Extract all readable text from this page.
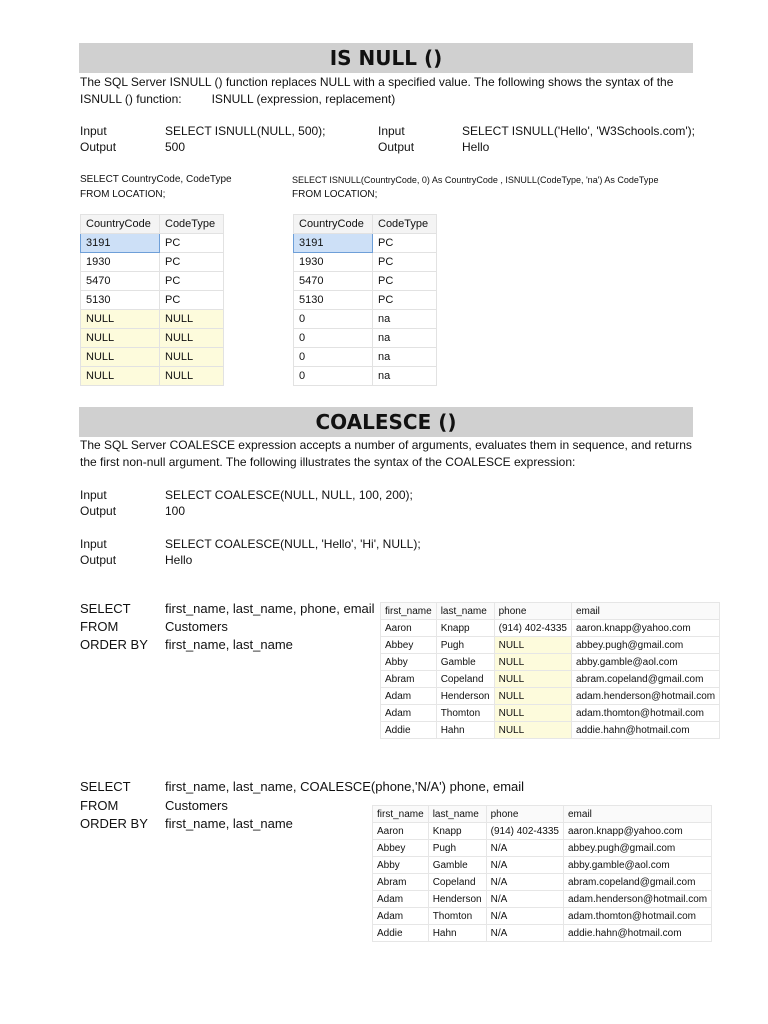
IS NULL ()
The SQL Server ISNULL () function replaces NULL with a specified value. The following shows the syntax of the ISNULL () function:         ISNULL (expression, replacement)
Input	SELECT ISNULL(NULL, 500);
Output	500
Input	SELECT ISNULL('Hello', 'W3Schools.com');
Output	Hello
SELECT CountryCode, CodeType
FROM LOCATION;
SELECT ISNULL(CountryCode, 0) As CountryCode , ISNULL(CodeType, 'na') As CodeType
FROM LOCATION;
CountryCode	CodeType
3191	PC
1930	PC
5470	PC
5130	PC
NULL	NULL
NULL	NULL
NULL	NULL
NULL	NULL
CountryCode	CodeType
3191	PC
1930	PC
5470	PC
5130	PC
0	na
0	na
0	na
0	na
COALESCE ()
The SQL Server COALESCE expression accepts a number of arguments, evaluates them in sequence, and returns the first non-null argument. The following illustrates the syntax of the COALESCE expression:
Input	SELECT COALESCE(NULL, NULL, 100, 200);
Output	100
Input	SELECT COALESCE(NULL, 'Hello', 'Hi', NULL);
Output	Hello
SELECT	first_name, last_name, phone, email
FROM	Customers
ORDER BY first_name, last_name
first_name	last_name	phone	email
Aaron	Knapp	(914) 402-4335	aaron.knapp@yahoo.com
Abbey	Pugh	NULL	abbey.pugh@gmail.com
Abby	Gamble	NULL	abby.gamble@aol.com
Abram	Copeland	NULL	abram.copeland@gmail.com
Adam	Henderson	NULL	adam.henderson@hotmail.com
Adam	Thomton	NULL	adam.thomton@hotmail.com
Addie	Hahn	NULL	addie.hahn@hotmail.com
SELECT	first_name, last_name, COALESCE(phone,'N/A') phone, email
FROM	Customers
ORDER BY first_name, last_name
first_name	last_name	phone	email
Aaron	Knapp	(914) 402-4335	aaron.knapp@yahoo.com
Abbey	Pugh	N/A	abbey.pugh@gmail.com
Abby	Gamble	N/A	abby.gamble@aol.com
Abram	Copeland	N/A	abram.copeland@gmail.com
Adam	Henderson	N/A	adam.henderson@hotmail.com
Adam	Thomton	N/A	adam.thomton@hotmail.com
Addie	Hahn	N/A	addie.hahn@hotmail.com
